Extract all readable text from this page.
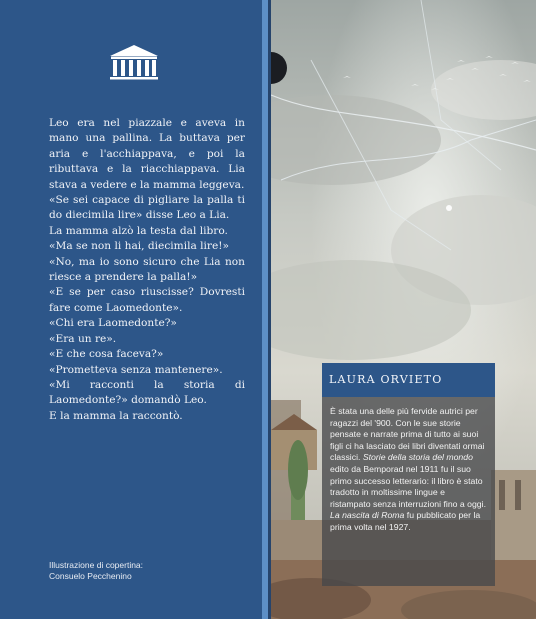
Leo era nel piazzale e aveva in mano una pallina. La buttava per aria e l'acchiappava, e poi la ributtava e la riacchiappava. Lia stava a vedere e la mamma leggeva.

«Se sei capace di pigliare la palla ti do diecimila lire» disse Leo a Lia.

La mamma alzò la testa dal libro.

«Ma se non li hai, diecimila lire!»

«No, ma io sono sicuro che Lia non riesce a prendere la palla!»

«E se per caso riuscisse? Dovresti fare come Laomedonte».

«Chi era Laomedonte?»

«Era un re».

«E che cosa faceva?»

«Prometteva senza mantenere».

«Mi racconti la storia di Laomedonte?» domandò Leo.

E la mamma la raccontò.

Illustrazione di copertina:
Consuelo Pecchenino
LAURA ORVIETO
È stata una delle più fervide autrici per ragazzi del '900. Con le sue storie pensate e narrate prima di tutto ai suoi figli ci ha lasciato dei libri diventati ormai classici. Storie della storia del mondo edito da Bemporad nel 1911 fu il suo primo successo letterario: il libro è stato tradotto in moltissime lingue e ristampato senza interruzioni fino a oggi. La nascita di Roma fu pubblicato per la prima volta nel 1927.
